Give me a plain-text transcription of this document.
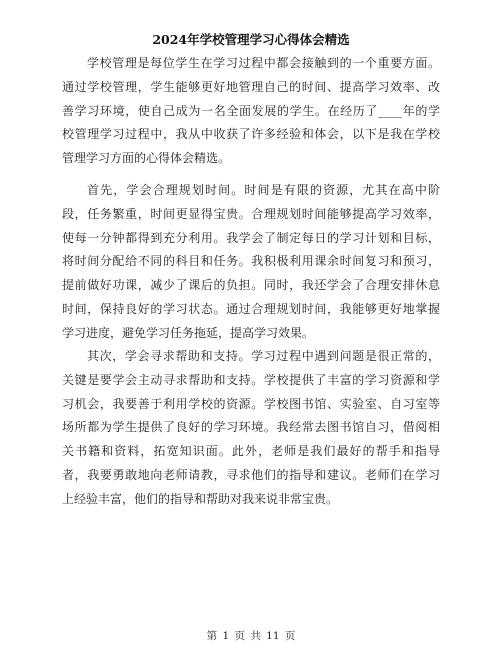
2024年学校管理学习心得体会精选
学校管理是每位学生在学习过程中都会接触到的一个重要方面。
通过学校管理，学生能够更好地管理自己的时间、提高学习效率、改
善学习环境，使自己成为一名全面发展的学生。在经历了____年的学
校管理学习过程中，我从中收获了许多经验和体会，以下是我在学校
管理学习方面的心得体会精选。
首先，学会合理规划时间。时间是有限的资源，尤其在高中阶
段，任务繁重，时间更显得宝贵。合理规划时间能够提高学习效率，
使每一分钟都得到充分利用。我学会了制定每日的学习计划和目标，
将时间分配给不同的科目和任务。我积极利用课余时间复习和预习，
提前做好功课，减少了课后的负担。同时，我还学会了合理安排休息
时间，保持良好的学习状态。通过合理规划时间，我能够更好地掌握
学习进度，避免学习任务拖延，提高学习效果。
其次，学会寻求帮助和支持。学习过程中遇到问题是很正常的，
关键是要学会主动寻求帮助和支持。学校提供了丰富的学习资源和学
习机会，我要善于利用学校的资源。学校图书馆、实验室、自习室等
场所都为学生提供了良好的学习环境。我经常去图书馆自习，借阅相
关书籍和资料，拓宽知识面。此外，老师是我们最好的帮手和指导
者，我要勇敢地向老师请教，寻求他们的指导和建议。老师们在学习
上经验丰富，他们的指导和帮助对我来说非常宝贵。
第 1 页 共 11 页
